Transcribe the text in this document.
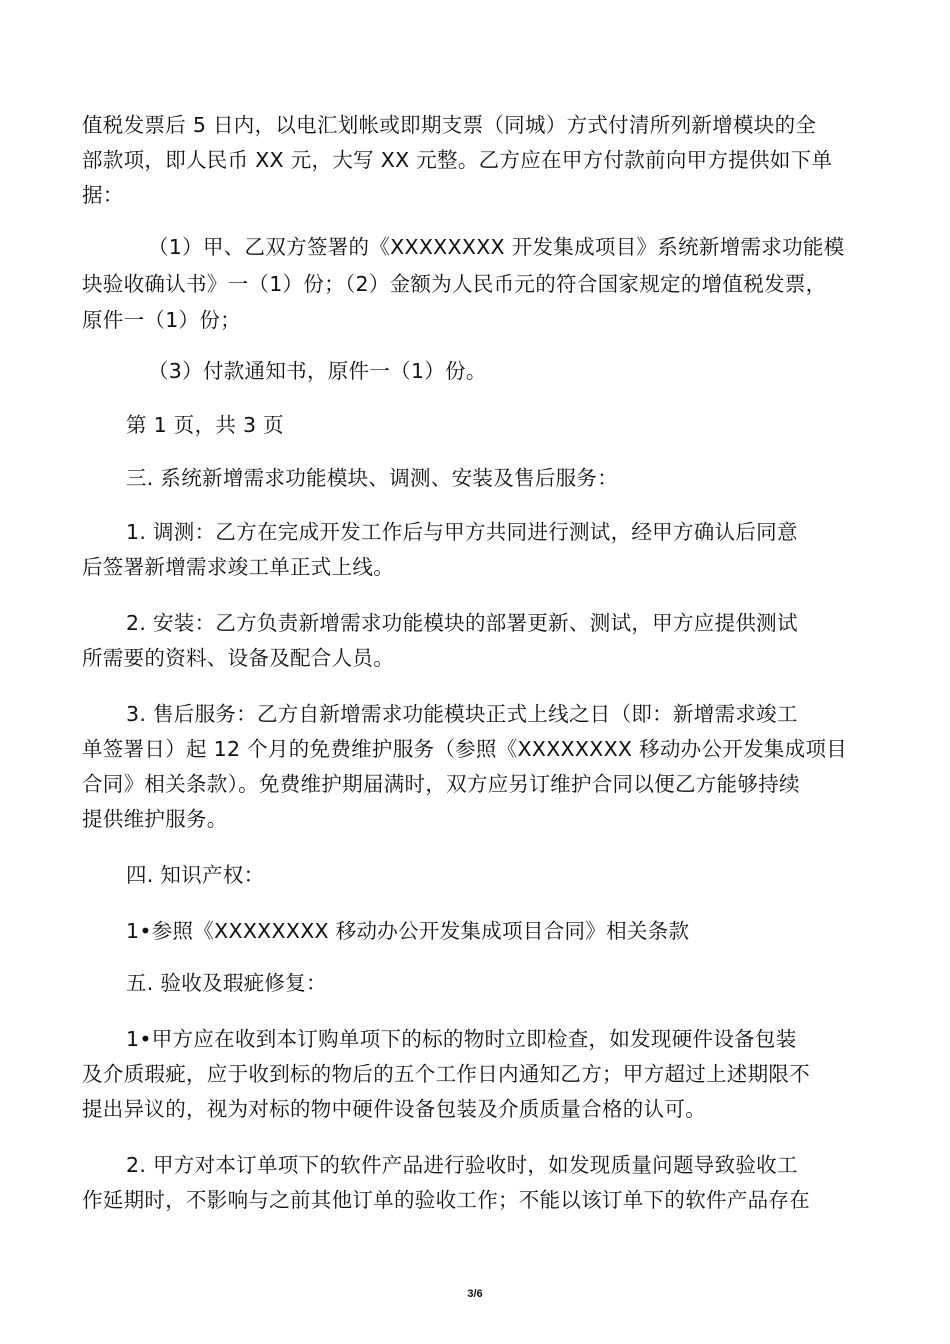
值税发票后 5 日内，以电汇划帐或即期支票（同城）方式付清所列新增模块的全
部款项，即人民币 XX 元，大写 XX 元整。乙方应在甲方付款前向甲方提供如下单
据：
（1）甲、乙双方签署的《XXXXXXXX 开发集成项目》系统新增需求功能模
块验收确认书》一（1）份；（2）金额为人民币元的符合国家规定的增值税发票，
原件一（1）份；
（3）付款通知书，原件一（1）份。
第 1 页，共 3 页
三. 系统新增需求功能模块、调测、安装及售后服务：
1. 调测：乙方在完成开发工作后与甲方共同进行测试，经甲方确认后同意
后签署新增需求竣工单正式上线。
2. 安装：乙方负责新增需求功能模块的部署更新、测试，甲方应提供测试
所需要的资料、设备及配合人员。
3. 售后服务：乙方自新增需求功能模块正式上线之日（即：新增需求竣工
单签署日）起 12 个月的免费维护服务（参照《XXXXXXXX 移动办公开发集成项目
合同》相关条款）。免费维护期届满时，双方应另订维护合同以便乙方能够持续
提供维护服务。
四. 知识产权：
1•参照《XXXXXXXX 移动办公开发集成项目合同》相关条款
五. 验收及瑕疵修复：
1•甲方应在收到本订购单项下的标的物时立即检查，如发现硬件设备包装
及介质瑕疵，应于收到标的物后的五个工作日内通知乙方；甲方超过上述期限不
提出异议的，视为对标的物中硬件设备包装及介质质量合格的认可。
2. 甲方对本订单项下的软件产品进行验收时，如发现质量问题导致验收工
作延期时，不影响与之前其他订单的验收工作；不能以该订单下的软件产品存在
3/6
